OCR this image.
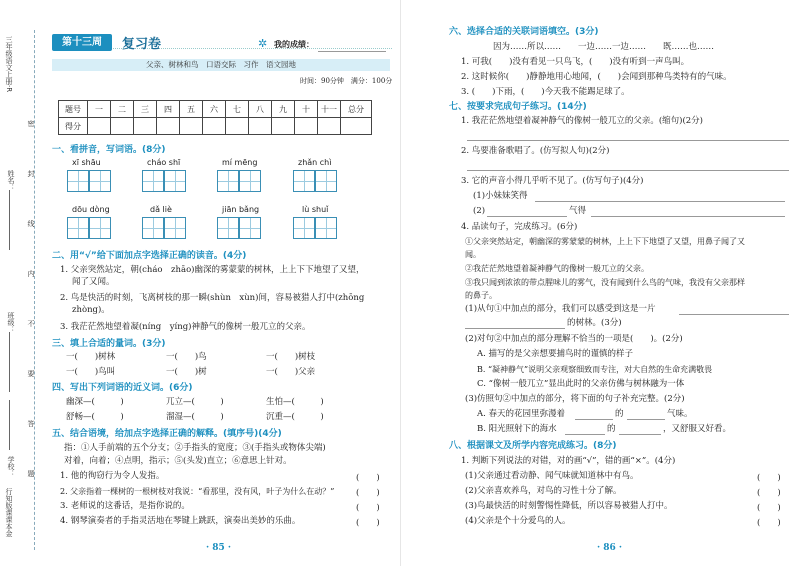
三年级语文上册·R
姓名：
班级：
学校：
密
封
线
内
不
要
答
题
行知版课课本金
第十三周	复习卷	✲ 我的成绩：
父亲、树林和鸟　口语交际　习作　语文园地
时间：90分钟　满分：100分
题号	一	二	三	四	五	六	七	八	九	十	十一	总分
得分												
一、看拼音，写词语。(8分)
xī shāu	cháo shī	mí mēng	zhǎn chì
dōu dòng	dǎ liè	jiān bǎng	lù shuǐ
二、用“√”给下面加点字选择正确的读音。(4分)
1. 父亲突然站定，朝(cháo　zhāo)幽深的雾蒙蒙的树林，上上下下地望了又望，
闻了又闻。
2. 鸟是快活的时刻，飞离树枝的那一瞬(shùn　xùn)间，容易被猎人打中(zhōng
zhòng)。
3. 我茫茫然地望着凝(níng　yíng)神静气的像树一般兀立的父亲。
三、填上合适的量词。(3分)
一(　　)树林	一(　　)鸟	一(　　)树枝
一(　　)鸟叫	一(　　)树	一(　　)父亲
四、写出下列词语的近义词。(6分)
幽深—(　　　)	兀立—(　　　)	生怕—(　　　)
舒畅—(　　　)	溜湿—(　　　)	沉重—(　　　)
五、结合语境，给加点字选择正确的解释。(填序号)(4分)
指：①人手前端的五个分支；②手指头的宽度；③(手指头或物体尖端)
对着，向着；④点明，指示；⑤(头发)直立；⑥意思上针对。
1. 他的徇窃行为令人发指。	(　　)
2. 父亲指着一棵树的一根树枝对我说：“看那里，没有风，叶子为什么在动？”	(　　)
3. 老师说的这番话，是指你说的。	(　　)
4. 钢琴演奏者的手指灵活地在琴键上跳跃，演奏出美妙的乐曲。	(　　)
· 85 ·
六、选择合适的关联词语填空。(3分)
因为……所以……　　一边……一边……　　既……也……
1. 可我(　　)没有看见一只鸟飞，(　　)没有听到一声鸟叫。
2. 这时候你(　　)静静地用心地闻，(　　)会闻到那种鸟类特有的气味。
3. (　　)下雨，(　　)今天我不能踢足球了。
七、按要求完成句子练习。(14分)
1. 我茫茫然地望着凝神静气的像树一般兀立的父亲。(缩句)(2分)
2. 鸟要准备歌唱了。(仿写拟人句)(2分)
3. 它的声音小得几乎听不见了。(仿写句子)(4分)
(1)小妹妹笑得
(2)	气得
4. 品读句子，完成练习。(6分)
①父亲突然站定，朝幽深的雾蒙蒙的树林，上上下下地望了又望，用鼻子闻了又
闻。
②我茫茫然地望着凝神静气的像树一般兀立的父亲。
③我只闻到浓浓的带点腥味儿的雾气，没有闻到什么鸟的气味，我没有父亲那样
的鼻子。
(1)从句①中加点的部分，我们可以感受到这是一片
的树林。(3分)
(2)对句②中加点的部分理解不恰当的一项是(　　)。(2分)
A. 描写的是父亲想要捕鸟时的谨慎的样子
B. “凝神静气”说明父亲观察细致而专注，对大自然的生命充满敬畏
C. “像树一般兀立”显出此时的父亲仿佛与树林融为一体
(3)仿照句②中加点的部分，将下面的句子补充完整。(2分)
A. 春天的花园里弥漫着	的	气味。
B. 阳光照射下的海水	的	，又舒服又好看。
八、根据课文及所学内容完成练习。(8分)
1. 判断下列说法的对错，对的画“√”，错的画“×”。(4分)
(1)父亲通过看动静、闻气味就知道林中有鸟。	(　　)
(2)父亲喜欢养鸟，对鸟的习性十分了解。	(　　)
(3)鸟最快活的时刻警惕性降低，所以容易被猎人打中。	(　　)
(4)父亲是个十分爱鸟的人。	(　　)
· 86 ·
